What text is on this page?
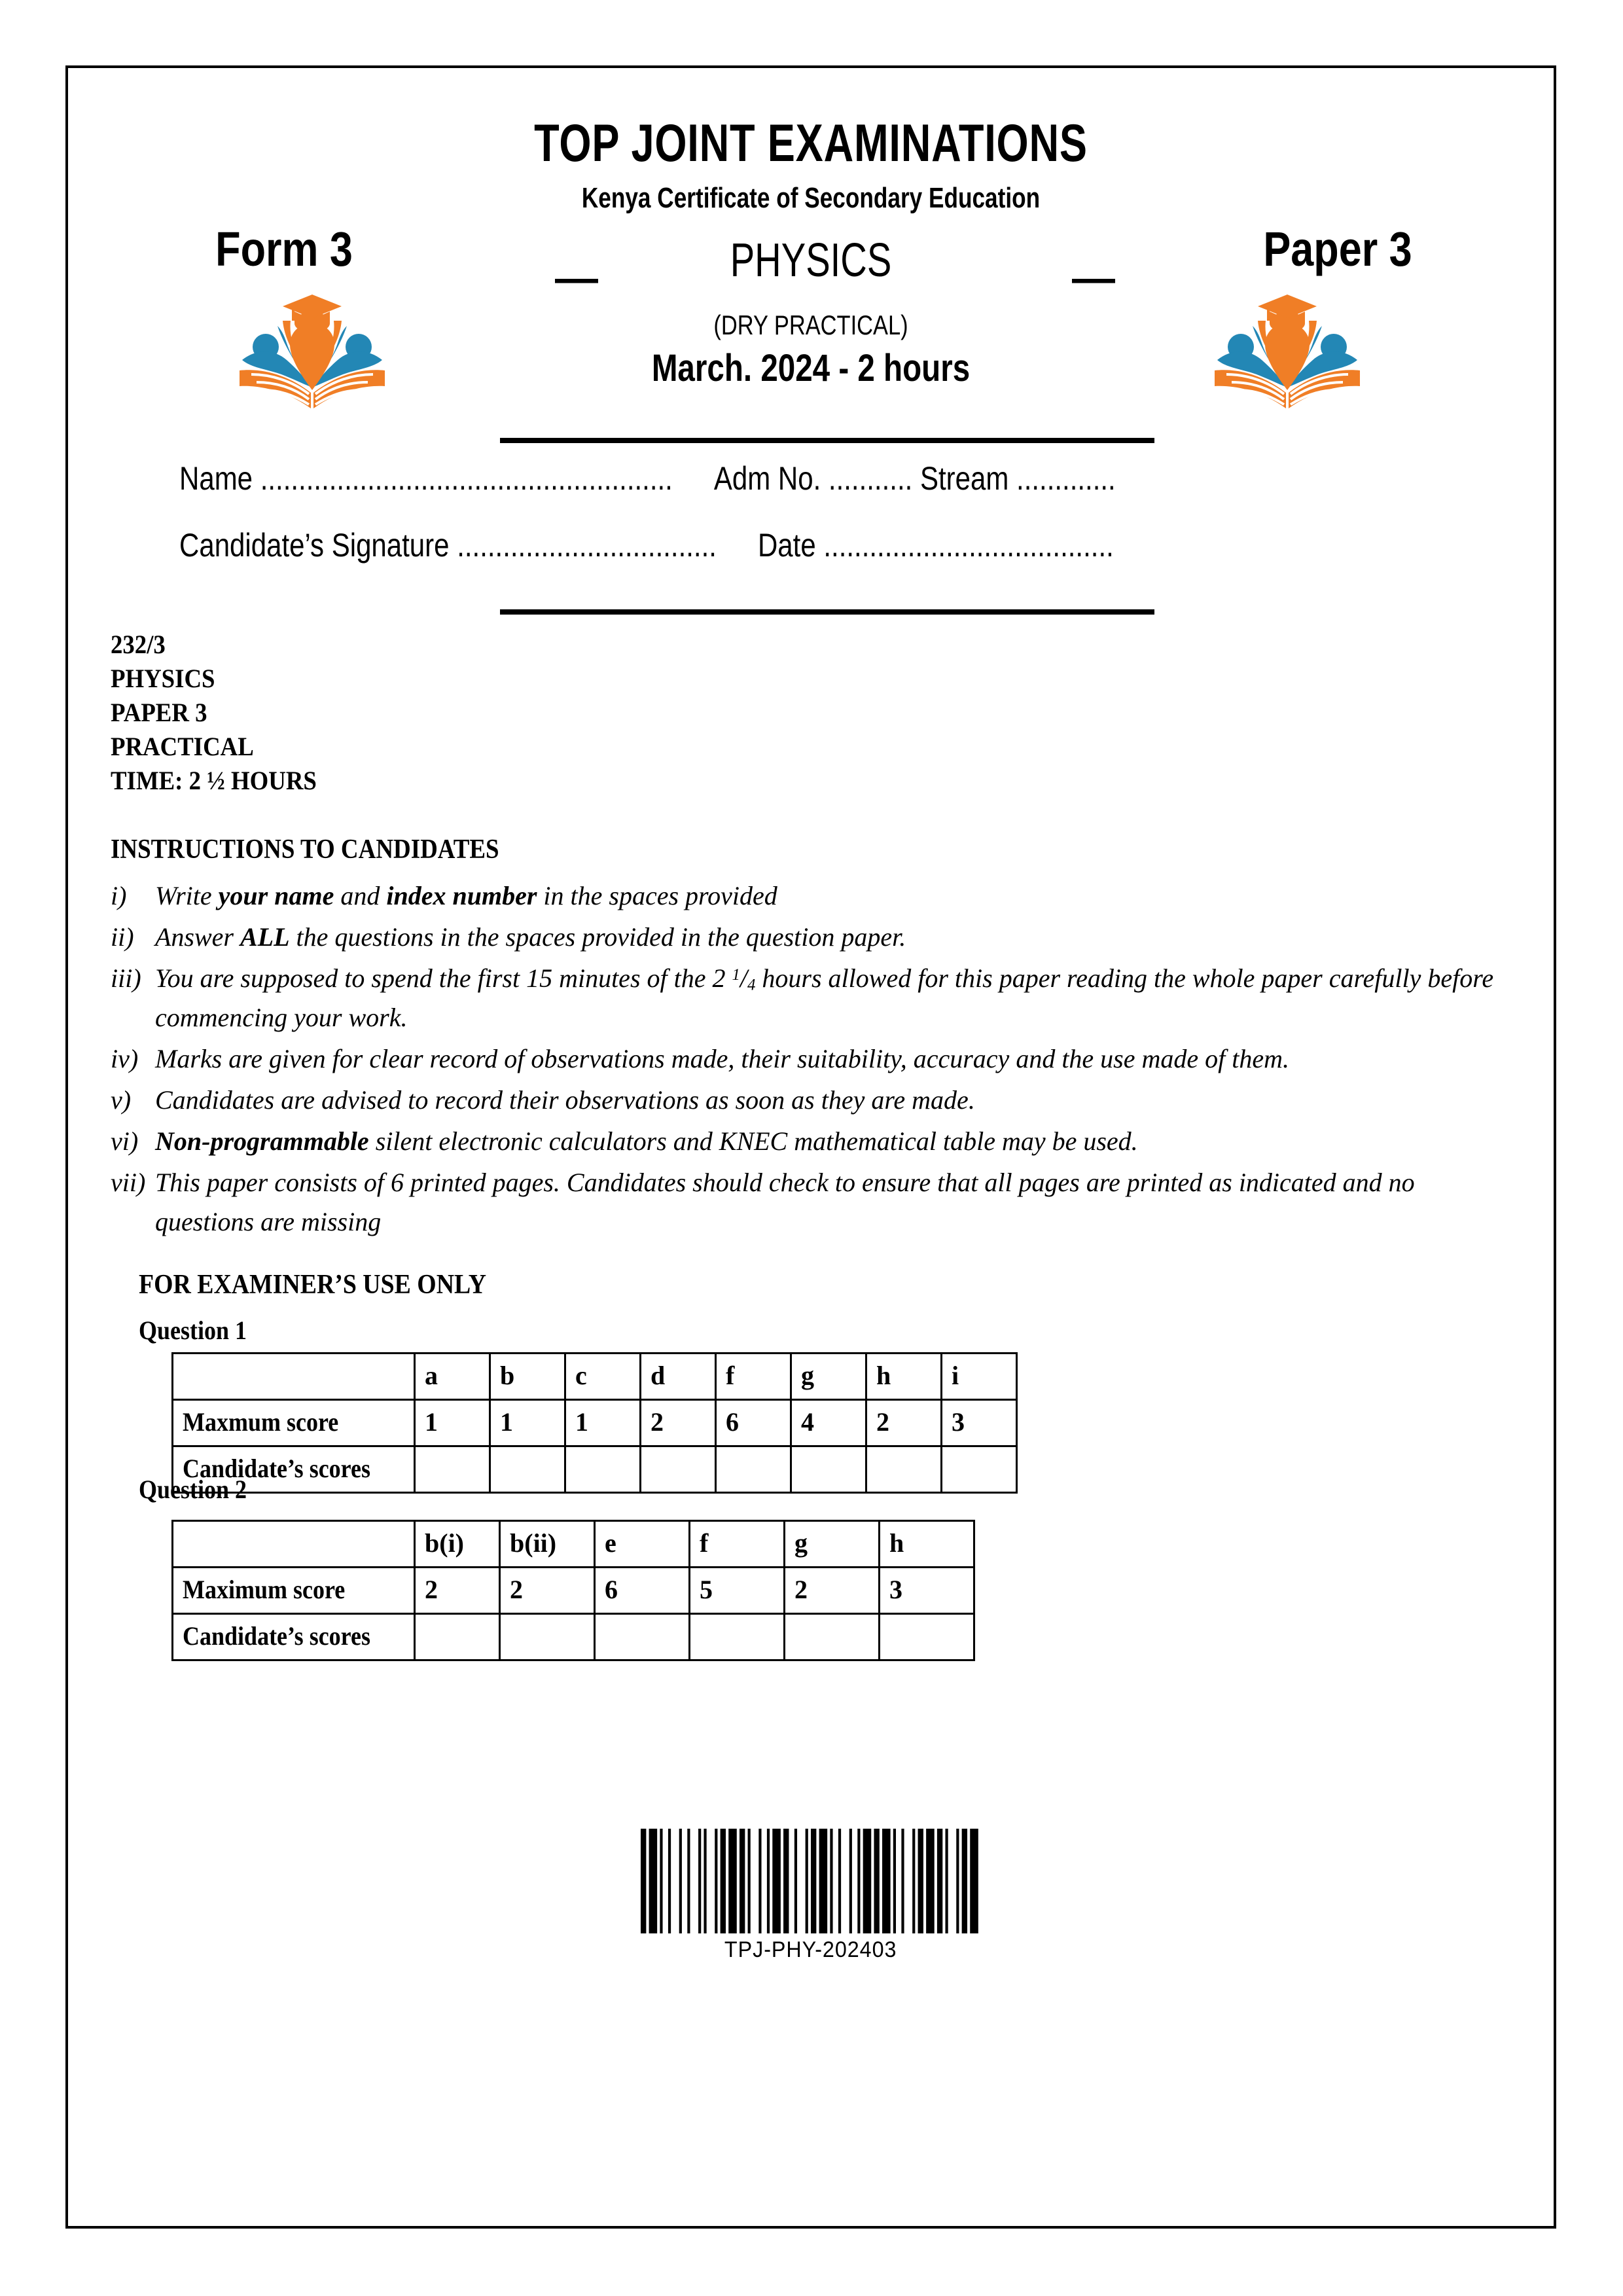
TOP JOINT EXAMINATIONS
Kenya Certificate of Secondary Education
Form 3
—	PHYSICS	—
Paper 3
(DRY PRACTICAL)
March. 2024 - 2 hours
Name ...................................................... Adm No. ........... Stream .............
Candidate’s Signature .................................. Date ......................................
232/3
PHYSICS
PAPER 3
PRACTICAL
TIME: 2 ½ HOURS
INSTRUCTIONS TO CANDIDATES
i)	Write your name and index number in the spaces provided
ii) Answer ALL the questions in the spaces provided in the question paper.
iii) You are supposed to spend the first 15 minutes of the 2 $^1$/4 hours allowed for this paper reading the whole paper carefully before commencing your work.
iv) Marks are given for clear record of observations made, their suitability, accuracy and the use made of them.
v) Candidates are advised to record their observations as soon as they are made.
vi) Non-programmable silent electronic calculators and KNEC mathematical table may be used.
vii) This paper consists of 6 printed pages. Candidates should check to ensure that all pages are printed as indicated and no questions are missing
FOR EXAMINER’S USE ONLY
Question 1
	a	b	c	d	f	g	h	i
Maxmum score	1	1	1	2	6	4	2	3
Candidate’s scores								
Question 2
	b(i)	b(ii)	e	f	g	h
Maximum score	2	2	6	5	2	3
Candidate’s scores						
TPJ-PHY-202403
